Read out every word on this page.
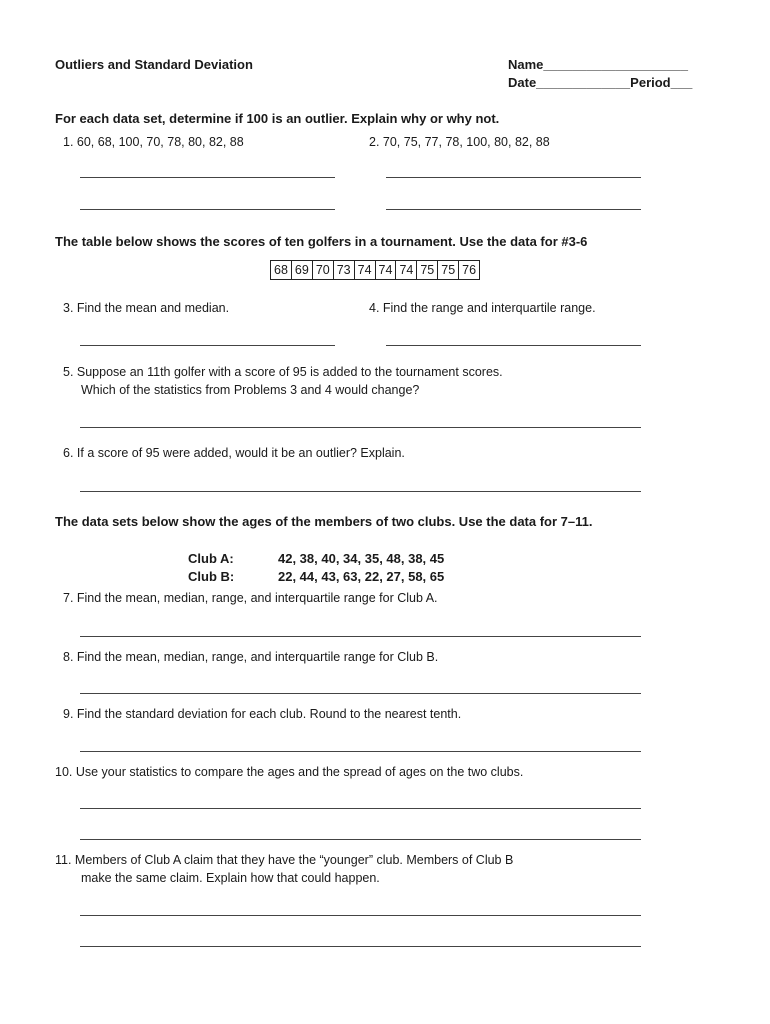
Outliers and Standard Deviation	Name____________________
Date_____________Period___
For each data set, determine if 100 is an outlier. Explain why or why not.
1. 60, 68, 100, 70, 78, 80, 82, 88	2. 70, 75, 77, 78, 100, 80, 82, 88
The table below shows the scores of ten golfers in a tournament. Use the data for #3-6
68	69	70	73	74	74	74	75	75	76
3. Find the mean and median.	4. Find the range and interquartile range.
5. Suppose an 11th golfer with a score of 95 is added to the tournament scores.
Which of the statistics from Problems 3 and 4 would change?
6. If a score of 95 were added, would it be an outlier? Explain.
The data sets below show the ages of the members of two clubs. Use the data for 7–11.
Club A:	42, 38, 40, 34, 35, 48, 38, 45
Club B:	22, 44, 43, 63, 22, 27, 58, 65
7. Find the mean, median, range, and interquartile range for Club A.
8. Find the mean, median, range, and interquartile range for Club B.
9. Find the standard deviation for each club. Round to the nearest tenth.
10. Use your statistics to compare the ages and the spread of ages on the two clubs.
11. Members of Club A claim that they have the “younger” club. Members of Club B
make the same claim. Explain how that could happen.
